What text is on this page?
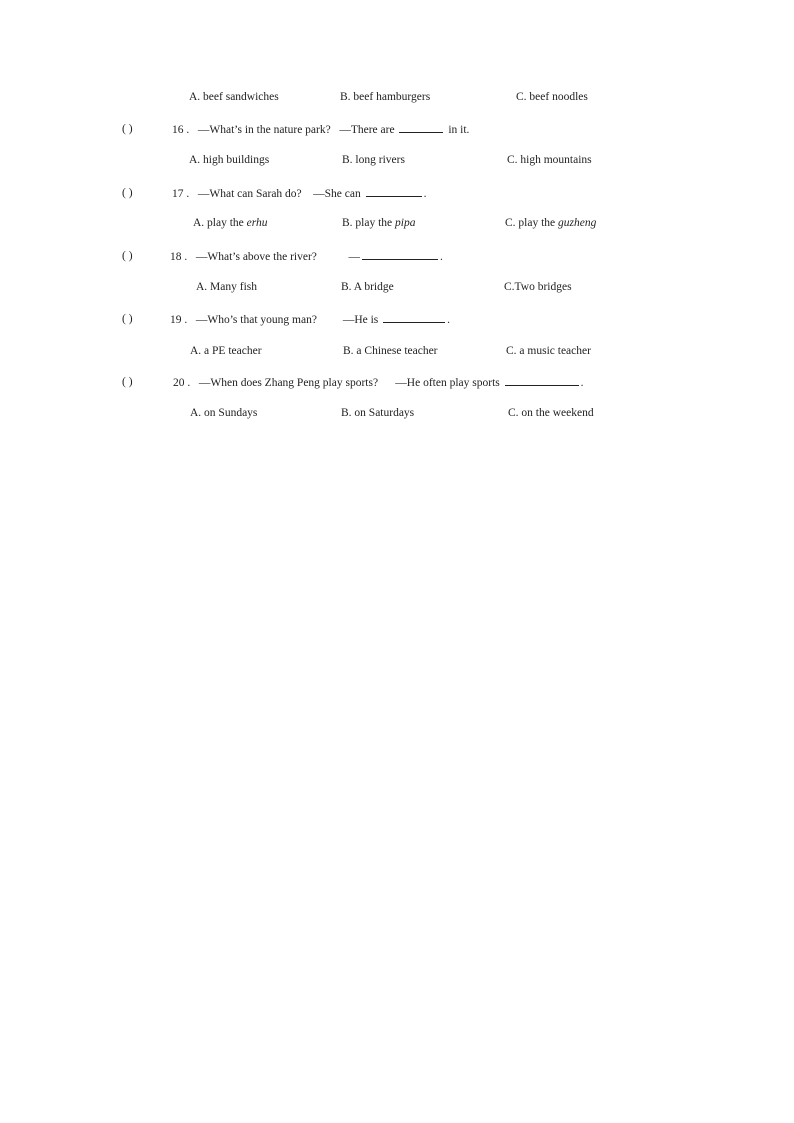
A. beef sandwiches	B. beef hamburgers	C. beef noodles
( )	16 . —What’s in the nature park? —There are	in it.
A. high buildings	B. long rivers	C. high mountains
( )	17 . —What can Sarah do? —She can	.
A. play the erhu	B. play the pipa	C. play the guzheng
( )	18 . —What’s above the river?	—	.
A. Many fish	B. A bridge	C.Two bridges
( )	19 . —Who’s that young man? —He is	.
A. a PE teacher	B. a Chinese teacher	C. a music teacher
( )	20 . —When does Zhang Peng play sports? —He often play sports	.
A. on Sundays	B. on Saturdays	C. on the weekend
